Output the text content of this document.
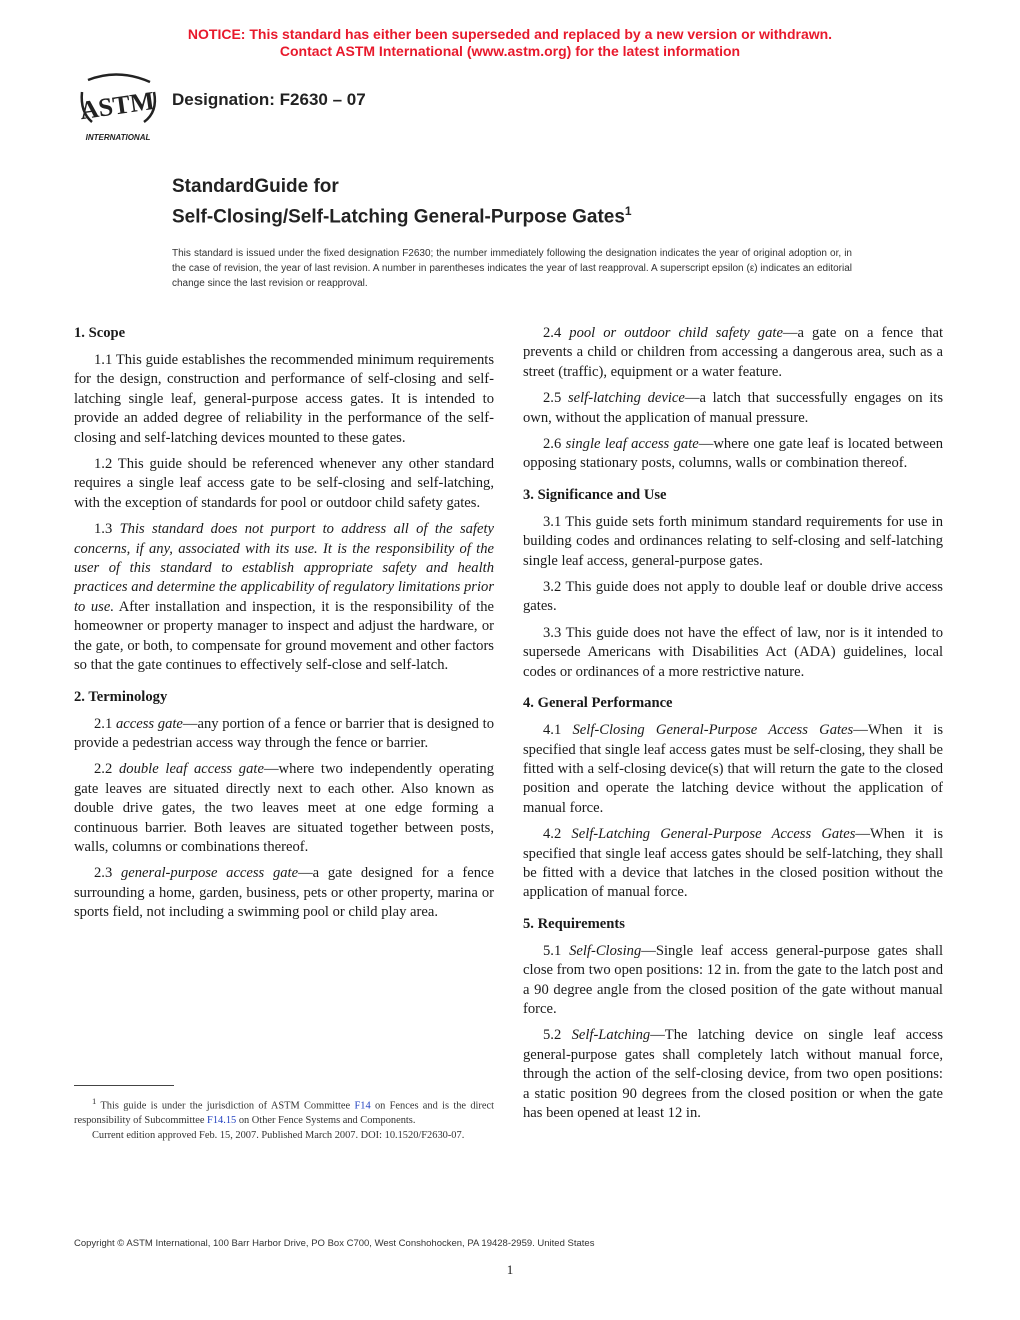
NOTICE: This standard has either been superseded and replaced by a new version or withdrawn.
Contact ASTM International (www.astm.org) for the latest information
ASTM
INTERNATIONAL
Designation: F2630 – 07
StandardGuide for
Self-Closing/Self-Latching General-Purpose Gates$^1$
This standard is issued under the fixed designation F2630; the number immediately following the designation indicates the year of original adoption or, in the case of revision, the year of last revision. A number in parentheses indicates the year of last reapproval. A superscript epsilon (ε) indicates an editorial change since the last revision or reapproval.
1. Scope

1.1 This guide establishes the recommended minimum requirements for the design, construction and performance of self-closing and self-latching single leaf, general-purpose access gates. It is intended to provide an added degree of reliability in the performance of the self-closing and self-latching devices mounted to these gates.

1.2 This guide should be referenced whenever any other standard requires a single leaf access gate to be self-closing and self-latching, with the exception of standards for pool or outdoor child safety gates.

1.3 This standard does not purport to address all of the safety concerns, if any, associated with its use. It is the responsibility of the user of this standard to establish appropriate safety and health practices and determine the applicability of regulatory limitations prior to use. After installation and inspection, it is the responsibility of the homeowner or property manager to inspect and adjust the hardware, or the gate, or both, to compensate for ground movement and other factors so that the gate continues to effectively self-close and self-latch.

2. Terminology

2.1 access gate—any portion of a fence or barrier that is designed to provide a pedestrian access way through the fence or barrier.

2.2 double leaf access gate—where two independently operating gate leaves are situated directly next to each other. Also known as double drive gates, the two leaves meet at one edge forming a continuous barrier. Both leaves are situated together between posts, walls, columns or combinations thereof.

2.3 general-purpose access gate—a gate designed for a fence surrounding a home, garden, business, pets or other property, marina or sports field, not including a swimming pool or child play area.

2.4 pool or outdoor child safety gate—a gate on a fence that prevents a child or children from accessing a dangerous area, such as a street (traffic), equipment or a water feature.

2.5 self-latching device—a latch that successfully engages on its own, without the application of manual pressure.

2.6 single leaf access gate—where one gate leaf is located between opposing stationary posts, columns, walls or combination thereof.

3. Significance and Use

3.1 This guide sets forth minimum standard requirements for use in building codes and ordinances relating to self-closing and self-latching single leaf access, general-purpose gates.

3.2 This guide does not apply to double leaf or double drive access gates.

3.3 This guide does not have the effect of law, nor is it intended to supersede Americans with Disabilities Act (ADA) guidelines, local codes or ordinances of a more restrictive nature.

4. General Performance

4.1 Self-Closing General-Purpose Access Gates—When it is specified that single leaf access gates must be self-closing, they shall be fitted with a self-closing device(s) that will return the gate to the closed position and operate the latching device without the application of manual force.

4.2 Self-Latching General-Purpose Access Gates—When it is specified that single leaf access gates should be self-latching, they shall be fitted with a device that latches in the closed position without the application of manual force.

5. Requirements

5.1 Self-Closing—Single leaf access general-purpose gates shall close from two open positions: 12 in. from the gate to the latch post and a 90 degree angle from the closed position of the gate without manual force.

5.2 Self-Latching—The latching device on single leaf access general-purpose gates shall completely latch without manual force, through the action of the self-closing device, from two open positions: a static position 90 degrees from the closed position or when the gate has been opened at least 12 in.

$^1$ This guide is under the jurisdiction of ASTM Committee F14 on Fences and is the direct responsibility of Subcommittee F14.15 on Other Fence Systems and Components.

Current edition approved Feb. 15, 2007. Published March 2007. DOI: 10.1520/F2630-07.

Copyright © ASTM International, 100 Barr Harbor Drive, PO Box C700, West Conshohocken, PA 19428-2959. United States
1
